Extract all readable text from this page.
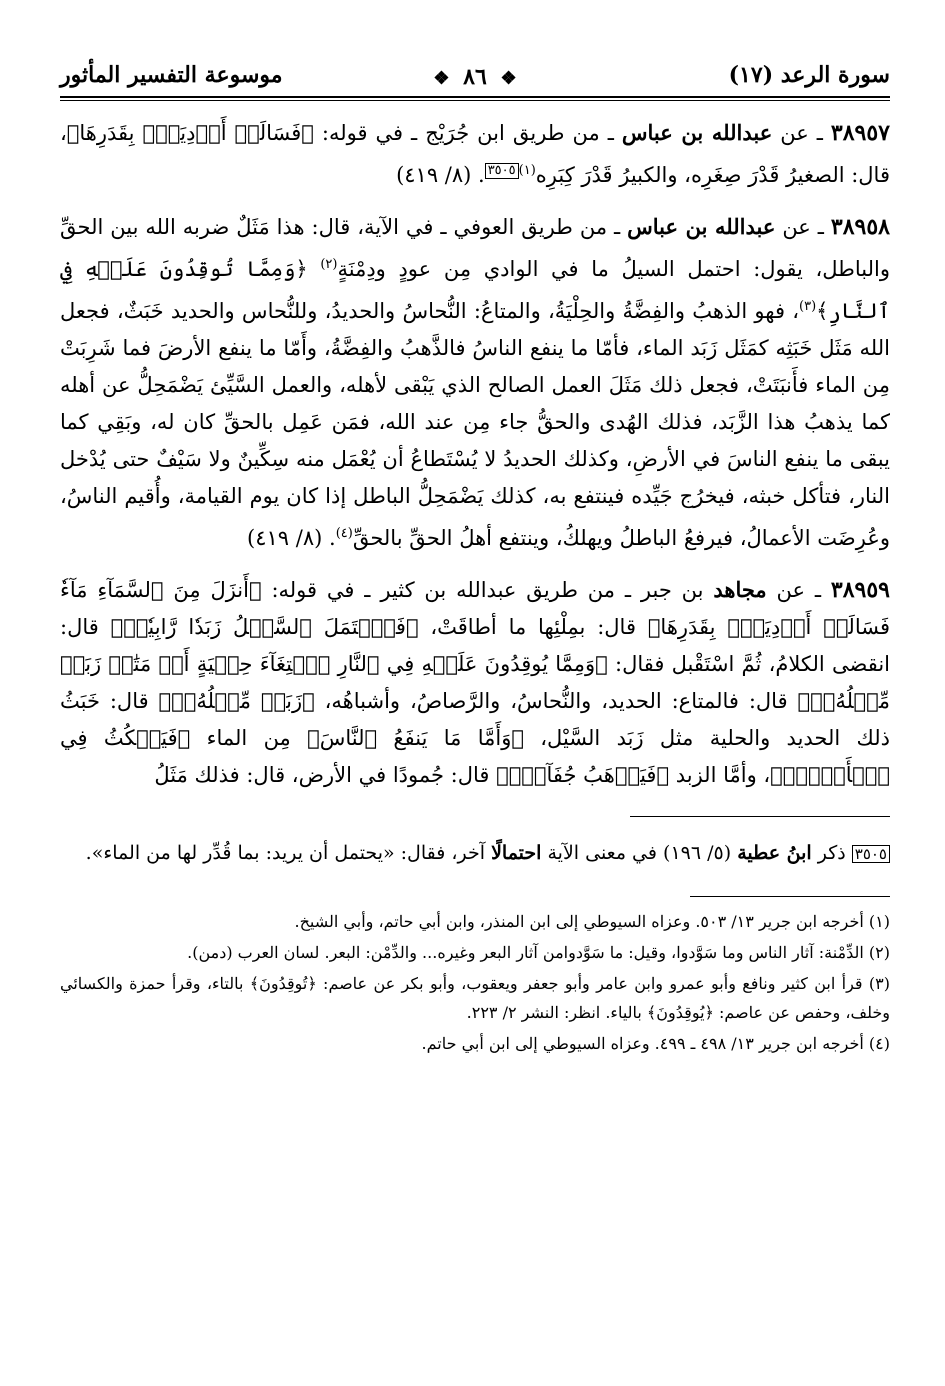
سورة الرعد (١٧)
❖ ٨٦ ❖
موسوعة التفسير المأثور

٣٨٩٥٧ ـ عن عبدالله بن عباس ـ من طريق ابن جُرَيْج ـ في قوله: ﴿فَسَالَتۡ أَوۡدِيَةُۢ بِقَدَرِهَا﴾، قال: الصغيرُ قَدْرَ صِغَرِه، والكبيرُ قَدْرَ كِبَرِه$^{(١)}$٣٥٠٥. (٨/ ٤١٩)

٣٨٩٥٨ ـ عن عبدالله بن عباس ـ من طريق العوفي ـ في الآية، قال: هذا مَثَلٌ ضربه الله بين الحقِّ والباطل، يقول: احتمل السيلُ ما في الوادي مِن عودٍ ودِمْنَةٍ$^{(٢)}$ ﴿وَمِمَّا تُوقِدُونَ عَلَيۡهِ فِي ٱلنَّارِ﴾$^{(٣)}$، فهو الذهبُ والفِضَّةُ والحِلْيَةُ، والمتاعُ: النُّحاسُ والحديدُ، وللنُّحاس والحديد خَبَثٌ، فجعل الله مَثَل خَبَثِه كمَثَل زَبَد الماء، فأمّا ما ينفع الناسُ فالذَّهبُ والفِضَّةُ، وأَمّا ما ينفع الأرضَ فما شَرِبَتْ مِن الماء فأَنبَتَتْ، فجعل ذلك مَثَلَ العمل الصالح الذي يَبْقى لأهله، والعمل السَّيِّئ يَضْمَحِلُّ عن أهله كما يذهبُ هذا الزَّبَد، فذلك الهُدى والحقُّ جاء مِن عند الله، فمَن عَمِل بالحقِّ كان له، وبَقِي كما يبقى ما ينفع الناسَ في الأرضِ، وكذلك الحديدُ لا يُسْتَطاعُ أن يُعْمَل منه سِكِّينٌ ولا سَيْفٌ حتى يُدْخل النار، فتأكل خبثه، فيخرُج جَيِّده فينتفع به، كذلك يَضْمَحِلُّ الباطل إذا كان يوم القيامة، وأُقيم الناسُ، وعُرِضَت الأعمالُ، فيرفعُ الباطلُ ويهلكُ، وينتفع أهلُ الحقِّ بالحقِّ$^{(٤)}$. (٨/ ٤١٩)

٣٨٩٥٩ ـ عن مجاهد بن جبر ـ من طريق عبدالله بن كثير ـ في قوله: ﴿أَنزَلَ مِنَ ٱلسَّمَآءِ مَآءٗ فَسَالَتۡ أَوۡدِيَةُۢ بِقَدَرِهَا﴾ قال: بمِلْئِها ما أطاقَتْ، ﴿فَٱحۡتَمَلَ ٱلسَّيۡلُ زَبَدٗا رَّابِيٗاۚ﴾ قال: انقضى الكلامُ، ثُمَّ اسْتَقْبل فقال: ﴿وَمِمَّا يُوقِدُونَ عَلَيۡهِ فِي ٱلنَّارِ ٱبۡتِغَآءَ حِلۡيَةٍ أَوۡ مَتَٰعٖ زَبَدٞ مِّثۡلُهُۥۚ﴾ قال: فالمتاع: الحديد، والنُّحاسُ، والرَّصاصُ، وأشباهُه، ﴿زَبَدٞ مِّثۡلُهُۥۚ﴾ قال: خَبَثُ ذلك الحديد والحلية مثل زَبَد السَّيْل، ﴿وَأَمَّا مَا يَنفَعُ ٱلنَّاسَ﴾ مِن الماء ﴿فَيَمۡكُثُ فِي ٱلۡأَرۡضِۚ﴾، وأمَّا الزبد ﴿فَيَذۡهَبُ جُفَآءٗۖ﴾ قال: جُمودًا في الأرض، قال: فذلك مَثَلُ

٣٥٠٥ ذكر ابنُ عطية (٥/ ١٩٦) في معنى الآية احتمالًا آخر، فقال: «يحتمل أن يريد: بما قُدِّر لها من الماء».

(١) أخرجه ابن جرير ١٣/ ٥٠٣. وعزاه السيوطي إلى ابن المنذر، وابن أبي حاتم، وأبي الشيخ.

(٢) الدِّمْنة: آثار الناس وما سَوَّدوا، وقيل: ما سَوَّدوامن آثار البعر وغيره... والدِّمْن: البعر. لسان العرب (دمن).

(٣) قرأ ابن كثير ونافع وأبو عمرو وابن عامر وأبو جعفر ويعقوب، وأبو بكر عن عاصم: ﴿تُوقِدُونَ﴾ بالتاء، وقرأ حمزة والكسائي وخلف، وحفص عن عاصم: ﴿يُوقِدُونَ﴾ بالياء. انظر: النشر ٢/ ٢٢٣.

(٤) أخرجه ابن جرير ١٣/ ٤٩٨ ـ ٤٩٩. وعزاه السيوطي إلى ابن أبي حاتم.
